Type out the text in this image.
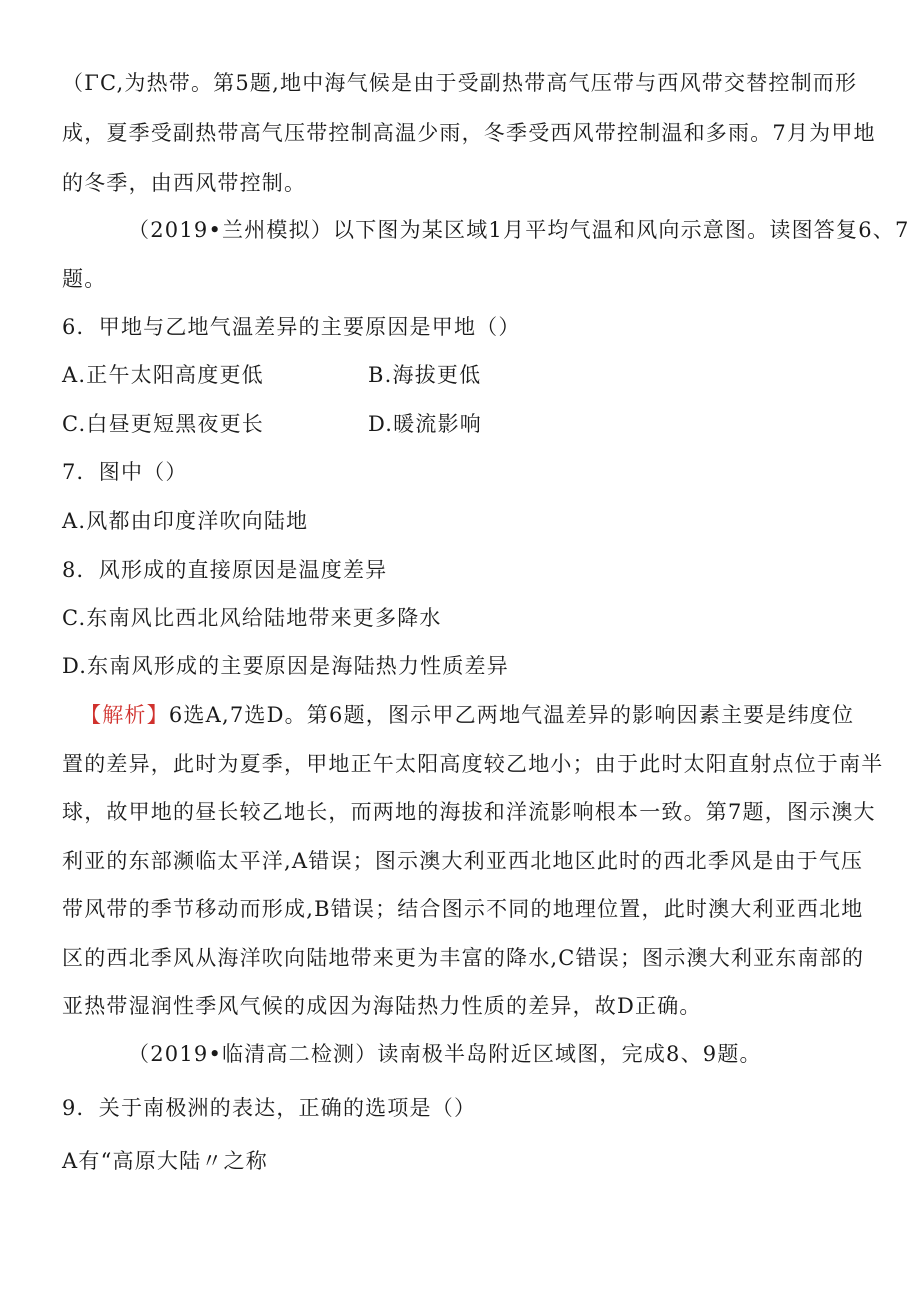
（ΓC,为热带。第5题,地中海气候是由于受副热带高气压带与西风带交替控制而形
成，夏季受副热带高气压带控制高温少雨，冬季受西风带控制温和多雨。7月为甲地
的冬季，由西风带控制。
（2019•兰州模拟）以下图为某区域1月平均气温和风向示意图。读图答复6、7
题。
6．甲地与乙地气温差异的主要原因是甲地（）
A.正午太阳高度更低	B.海拔更低
C.白昼更短黑夜更长	D.暖流影响
7．图中（）
A.风都由印度洋吹向陆地
8．风形成的直接原因是温度差异
C.东南风比西北风给陆地带来更多降水
D.东南风形成的主要原因是海陆热力性质差异
【解析】6选A,7选D。第6题，图示甲乙两地气温差异的影响因素主要是纬度位
置的差异，此时为夏季，甲地正午太阳高度较乙地小；由于此时太阳直射点位于南半
球，故甲地的昼长较乙地长，而两地的海拔和洋流影响根本一致。第7题，图示澳大
利亚的东部濒临太平洋,A错误；图示澳大利亚西北地区此时的西北季风是由于气压
带风带的季节移动而形成,B错误；结合图示不同的地理位置，此时澳大利亚西北地
区的西北季风从海洋吹向陆地带来更为丰富的降水,C错误；图示澳大利亚东南部的
亚热带湿润性季风气候的成因为海陆热力性质的差异，故D正确。
（2019•临清高二检测）读南极半岛附近区域图，完成8、9题。
9．关于南极洲的表达，正确的选项是（）
A有“高原大陆〃之称
